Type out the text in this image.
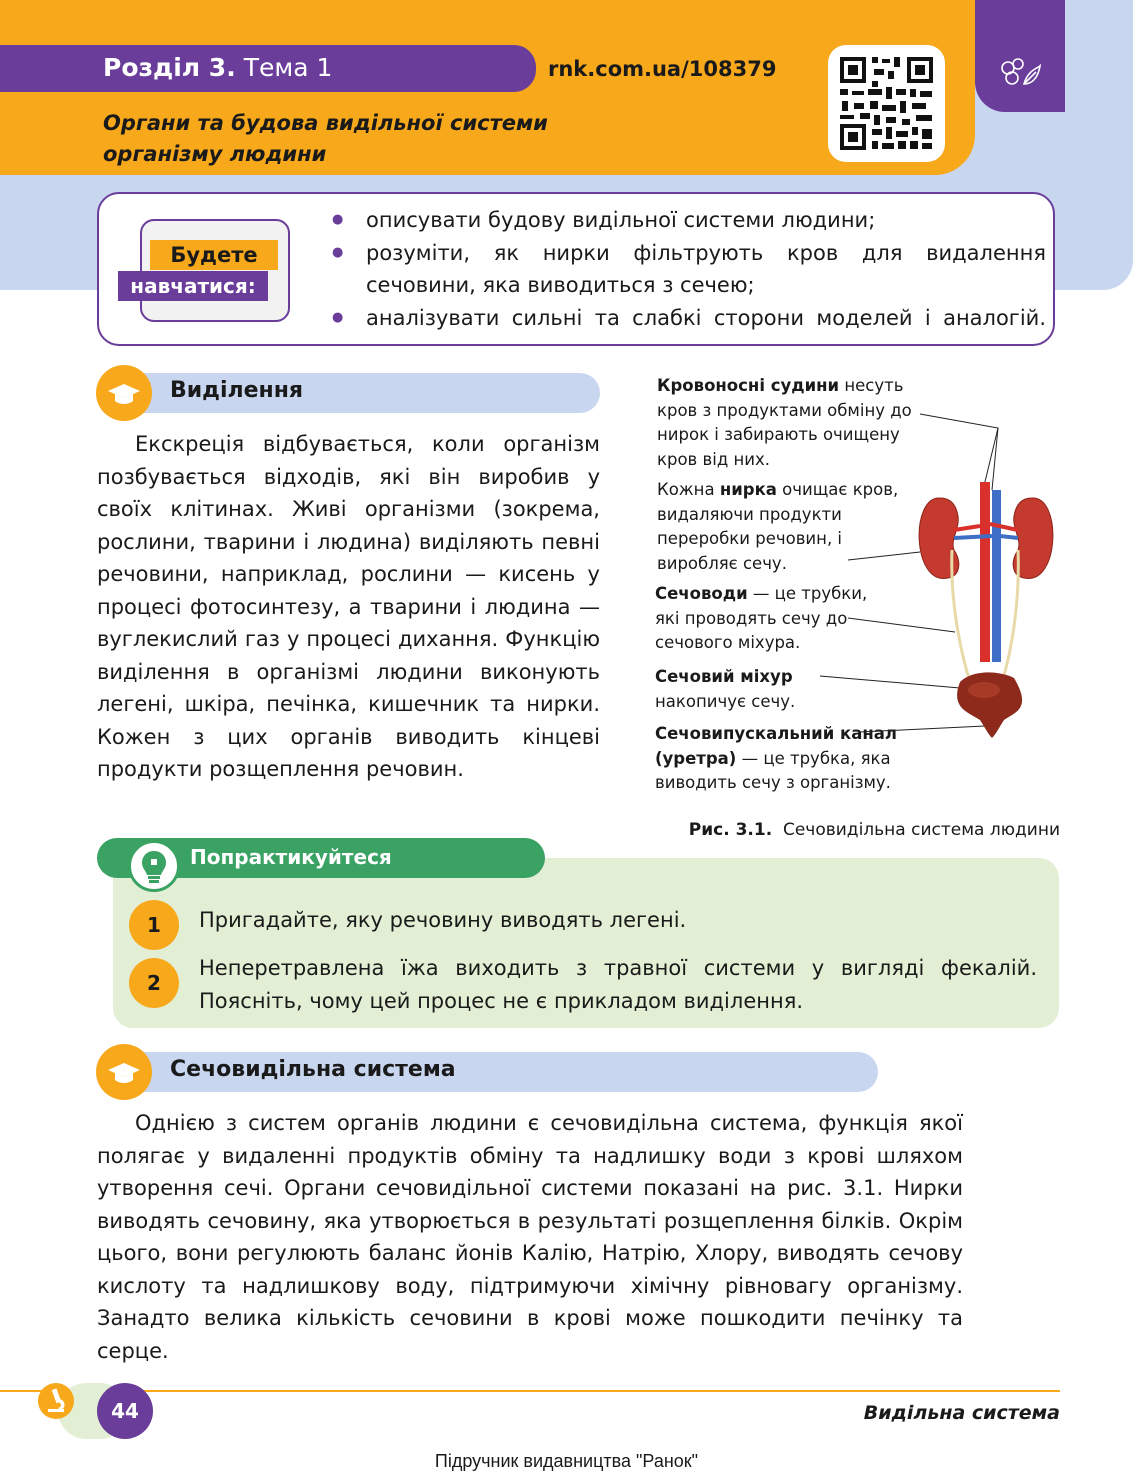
Розділ 3. Тема 1	rnk.com.ua/108379
Органи та будова видільної системи
організму людини
Будете
навчатися:
● описувати будову видільної системи людини;
● розуміти, як нирки фільтрують кров для видалення сечовини, яка виводиться з сечею;
● аналізувати сильні та слабкі сторони моделей і аналогій.
Виділення
Екскреція відбувається, коли організм позбувається відходів, які він виробив у своїх клітинах. Живі організми (зокрема, рослини, тварини і людина) виділяють певні речовини, наприклад, рослини — кисень у процесі фотосинтезу, а тварини і людина — вуглекислий газ у процесі дихання. Функцію виділення в організмі людини виконують легені, шкіра, печінка, кишечник та нирки. Кожен з цих органів виводить кінцеві продукти розщеплення речовин.
Кровоносні судини несуть кров з продуктами обміну до нирок і забирають очищену кров від них.
Кожна нирка очищає кров, видаляючи продукти переробки речовин, і виробляє сечу.
Сечоводи — це трубки, які проводять сечу до сечового міхура.
Сечовий міхур
накопичує сечу.
Сечовипускальний канал (уретра) — це трубка, яка виводить сечу з організму.
Рис. 3.1. Сечовидільна система людини
Попрактикуйтеся
1	Пригадайте, яку речовину виводять легені.
2
Неперетравлена їжа виходить з травної системи у вигляді фекалій. Поясніть, чому цей процес не є прикладом виділення.
Сечовидільна система
Однією з систем органів людини є сечовидільна система, функція якої полягає у видаленні продуктів обміну та надлишку води з крові шляхом утворення сечі. Органи сечовидільної системи показані на рис. 3.1. Нирки виводять сечовину, яка утворюється в результаті розщеплення білків. Окрім цього, вони регулюють баланс йонів Калію, Натрію, Хлору, виводять сечову кислоту та надлишкову воду, підтримуючи хімічну рівновагу організму. Занадто велика кількість сечовини в крові може пошкодити печінку та серце.
44	Видільна система
Підручник видавництва "Ранок"
